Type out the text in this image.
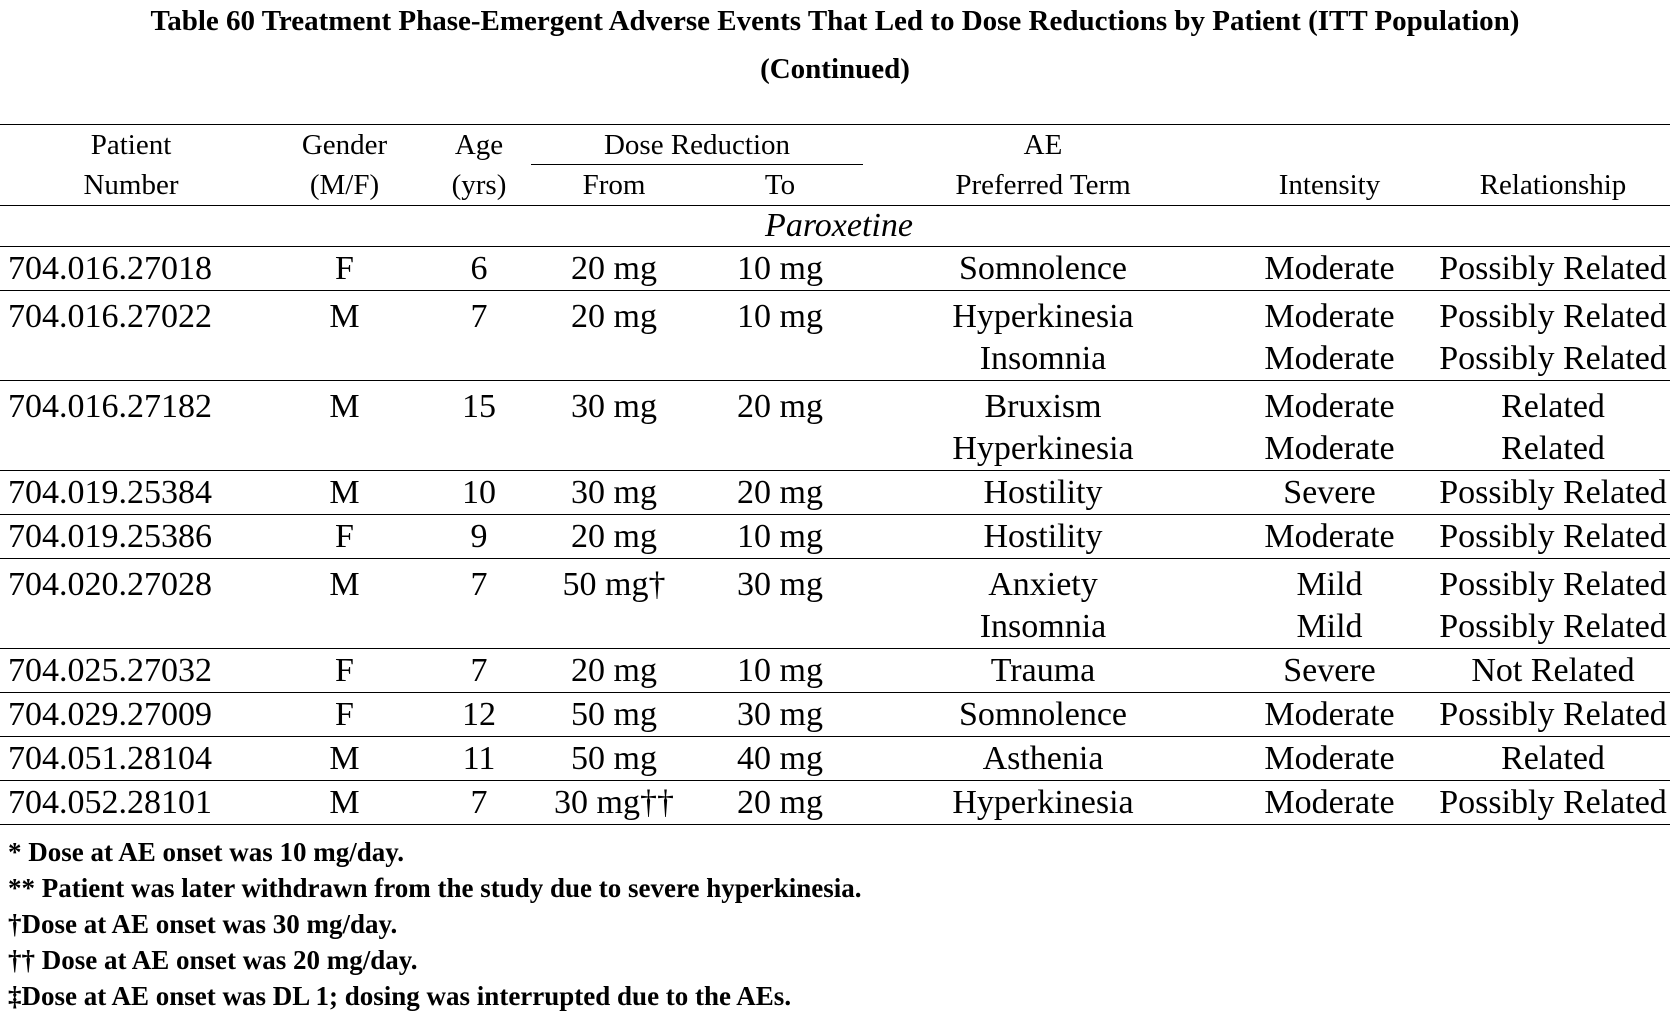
Table 60 Treatment Phase-Emergent Adverse Events That Led to Dose Reductions by Patient (ITT Population)
(Continued)
Patient	Gender	Age	Dose Reduction		AE		
Number	(M/F)	(yrs)	From	To	Preferred Term	Intensity	Relationship
Paroxetine							
704.016.27018	F	6	20 mg	10 mg	Somnolence	Moderate	Possibly Related
704.016.27022	M	7	20 mg	10 mg	Hyperkinesia	Moderate	Possibly Related
					Insomnia	Moderate	Possibly Related
704.016.27182	M	15	30 mg	20 mg	Bruxism	Moderate	Related
					Hyperkinesia	Moderate	Related
704.019.25384	M	10	30 mg	20 mg	Hostility	Severe	Possibly Related
704.019.25386	F	9	20 mg	10 mg	Hostility	Moderate	Possibly Related
704.020.27028	M	7	50 mg†	30 mg	Anxiety	Mild	Possibly Related
					Insomnia	Mild	Possibly Related
704.025.27032	F	7	20 mg	10 mg	Trauma	Severe	Not Related
704.029.27009	F	12	50 mg	30 mg	Somnolence	Moderate	Possibly Related
704.051.28104	M	11	50 mg	40 mg	Asthenia	Moderate	Related
704.052.28101	M	7	30 mg††	20 mg	Hyperkinesia	Moderate	Possibly Related
* Dose at AE onset was 10 mg/day.
** Patient was later withdrawn from the study due to severe hyperkinesia.
†Dose at AE onset was 30 mg/day.
†† Dose at AE onset was 20 mg/day.
‡Dose at AE onset was DL 1; dosing was interrupted due to the AEs.
